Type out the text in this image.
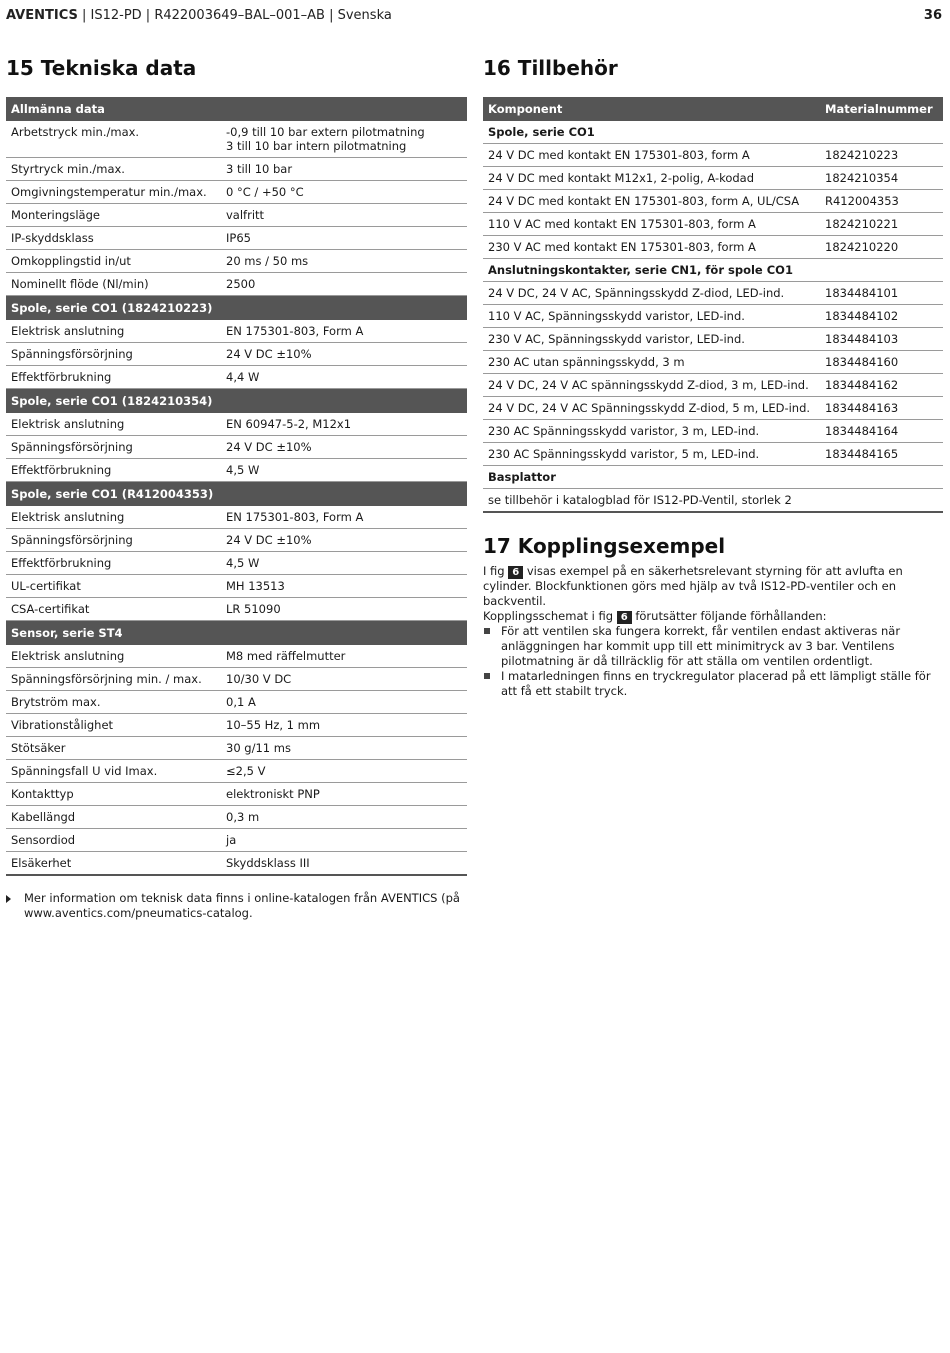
AVENTICS | IS12-PD | R422003649–BAL–001–AB | Svenska	36
15 Tekniska data
Allmänna data	
Arbetstryck min./max.	-0,9 till 10 bar extern pilotmatning
3 till 10 bar intern pilotmatning
Styrtryck min./max.	3 till 10 bar
Omgivningstemperatur min./max.	0 °C / +50 °C
Monteringsläge	valfritt
IP-skyddsklass	IP65
Omkopplingstid in/ut	20 ms / 50 ms
Nominellt flöde (Nl/min)	2500
Spole, serie CO1 (1824210223)	
Elektrisk anslutning	EN 175301-803, Form A
Spänningsförsörjning	24 V DC ±10%
Effektförbrukning	4,4 W
Spole, serie CO1 (1824210354)	
Elektrisk anslutning	EN 60947-5-2, M12x1
Spänningsförsörjning	24 V DC ±10%
Effektförbrukning	4,5 W
Spole, serie CO1 (R412004353)	
Elektrisk anslutning	EN 175301-803, Form A
Spänningsförsörjning	24 V DC ±10%
Effektförbrukning	4,5 W
UL-certifikat	MH 13513
CSA-certifikat	LR 51090
Sensor, serie ST4	
Elektrisk anslutning	M8 med räffelmutter
Spänningsförsörjning min. / max.	10/30 V DC
Brytström max.	0,1 A
Vibrationstålighet	10–55 Hz, 1 mm
Stötsäker	30 g/11 ms
Spänningsfall U vid Imax.	≤2,5 V
Kontakttyp	elektroniskt PNP
Kabellängd	0,3 m
Sensordiod	ja
Elsäkerhet	Skyddsklass III
Mer information om teknisk data finns i online-katalogen från AVENTICS (på www.aventics.com/pneumatics-catalog.
16 Tillbehör
Komponent	Materialnummer
Spole, serie CO1	
24 V DC med kontakt EN 175301-803, form A	1824210223
24 V DC med kontakt M12x1, 2-polig, A-kodad	1824210354
24 V DC med kontakt EN 175301-803, form A, UL/CSA	R412004353
110 V AC med kontakt EN 175301-803, form A	1824210221
230 V AC med kontakt EN 175301-803, form A	1824210220
Anslutningskontakter, serie CN1, för spole CO1	
24 V DC, 24 V AC, Spänningsskydd Z-diod, LED-ind.	1834484101
110 V AC, Spänningsskydd varistor, LED-ind.	1834484102
230 V AC, Spänningsskydd varistor, LED-ind.	1834484103
230 AC utan spänningsskydd, 3 m	1834484160
24 V DC, 24 V AC spänningsskydd Z-diod, 3 m, LED-ind.	1834484162
24 V DC, 24 V AC Spänningsskydd Z-diod, 5 m, LED-ind.	1834484163
230 AC Spänningsskydd varistor, 3 m, LED-ind.	1834484164
230 AC Spänningsskydd varistor, 5 m, LED-ind.	1834484165
Basplattor	
se tillbehör i katalogblad för IS12-PD-Ventil, storlek 2	
17 Kopplingsexempel
I fig 6 visas exempel på en säkerhetsrelevant styrning för att avlufta en cylinder. Blockfunktionen görs med hjälp av två IS12-PD-ventiler och en backventil.
Kopplingsschemat i fig 6 förutsätter följande förhållanden:
För att ventilen ska fungera korrekt, får ventilen endast aktiveras när anläggningen har kommit upp till ett minimitryck av 3 bar. Ventilens pilotmatning är då tillräcklig för att ställa om ventilen ordentligt.
I matarledningen finns en tryckregulator placerad på ett lämpligt ställe för att få ett stabilt tryck.
